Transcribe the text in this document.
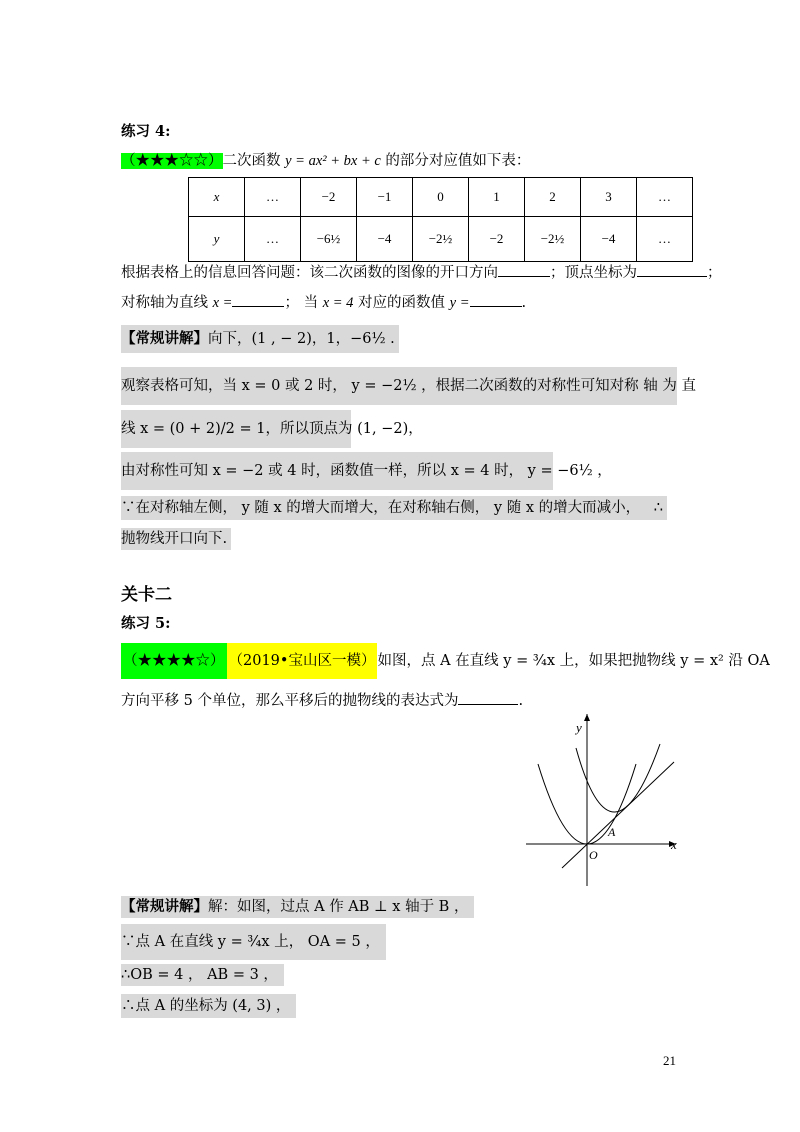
练习 4:
（★★★☆☆）二次函数 y = ax² + bx + c 的部分对应值如下表：
x	…	−2	−1	0	1	2	3	…
y	…	−6½	−4	−2½	−2	−2½	−4	…
根据表格上的信息回答问题：该二次函数的图像的开口方向	；顶点坐标为	；
对称轴为直线 x =	； 当 x = 4 对应的函数值 y =	.
【常规讲解】向下，(1 , − 2)，1，−6½ .
观察表格可知，当 x = 0 或 2 时， y = −2½ ，根据二次函数的对称性可知对称 轴 为 直
线 x = (0 + 2)/2 = 1，所以顶点为 (1, −2)，
由对称性可知 x = −2 或 4 时，函数值一样，所以 x = 4 时， y = −6½ ，
∵在对称轴左侧， y 随 x 的增大而增大，在对称轴右侧， y 随 x 的增大而减小， ∴
抛物线开口向下.
关卡二
练习 5:
（★★★★☆） （2019•宝山区一模） 如图，点 A 在直线 y = ¾x 上，如果把抛物线 y = x² 沿 OA
方向平移 5 个单位，那么平移后的抛物线的表达式为	.
y
x
O
A
【常规讲解】解：如图，过点 A 作 AB ⊥ x 轴于 B ，
∵点 A 在直线 y = ¾x 上， OA = 5 ，
∴OB = 4 ， AB = 3 ，
∴点 A 的坐标为 (4, 3) ，
21
